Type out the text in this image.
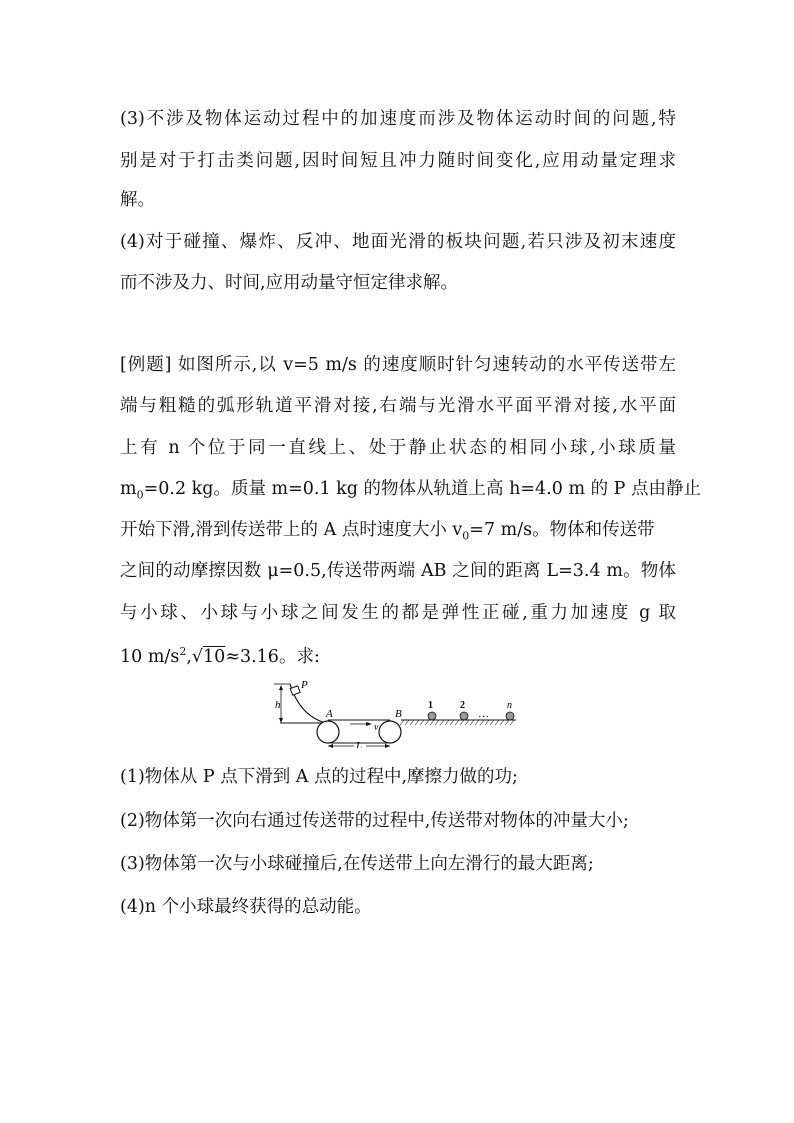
(3)不涉及物体运动过程中的加速度而涉及物体运动时间的问题,特
别是对于打击类问题,因时间短且冲力随时间变化,应用动量定理求
解。
(4)对于碰撞、爆炸、反冲、地面光滑的板块问题,若只涉及初末速度
而不涉及力、时间,应用动量守恒定律求解。
[例题] 如图所示,以 v=5 m/s 的速度顺时针匀速转动的水平传送带左
端与粗糙的弧形轨道平滑对接,右端与光滑水平面平滑对接,水平面
上有 n 个位于同一直线上、处于静止状态的相同小球,小球质量
$m_0=0.2$ kg。质量 m=0.1 kg 的物体从轨道上高 h=4.0 m 的 P 点由静止
开始下滑,滑到传送带上的 A 点时速度大小 $v_0=7$ m/s。物体和传送带
之间的动摩擦因数 μ=0.5,传送带两端 AB 之间的距离 L=3.4 m。物体
与小球、小球与小球之间发生的都是弹性正碰,重力加速度 g 取
10 $m/s^2,√10\approx 3.16$。求:
h
P
A	B
v
L
1	2
…
n
(1)物体从 P 点下滑到 A 点的过程中,摩擦力做的功;
(2)物体第一次向右通过传送带的过程中,传送带对物体的冲量大小;
(3)物体第一次与小球碰撞后,在传送带上向左滑行的最大距离;
(4)n 个小球最终获得的总动能。
